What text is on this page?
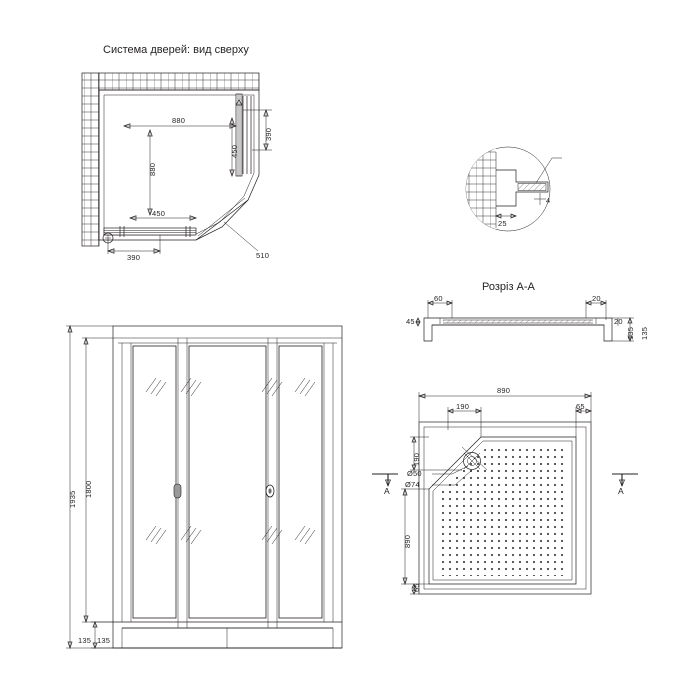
Система дверей: вид сверху
Розріз А-А
880
880
450
390
450
390	510
25
4
60	20
45	20
135
135
1935
1800
135 135
890
190	65
190
890
65
Ø50
Ø74
А	А
